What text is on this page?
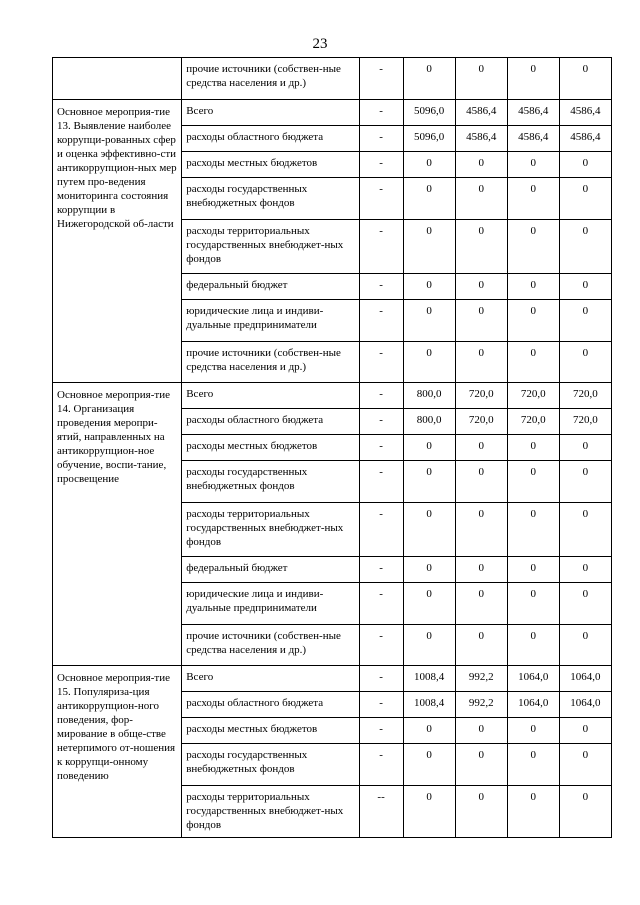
23
	прочие источники (собствен-ные средства населения и др.)	-	0	0	0	0
Основное мероприя-тие 13. Выявление наиболее коррупци-рованных сфер и оценка эффективно-сти антикоррупцион-ных мер путем про-ведения мониторинга состояния коррупции в Нижегородской об-ласти	Всего	-	5096,0	4586,4	4586,4	4586,4
	расходы областного бюджета	-	5096,0	4586,4	4586,4	4586,4
	расходы местных бюджетов	-	0	0	0	0
	расходы государственных внебюджетных фондов	-	0	0	0	0
	расходы территориальных государственных внебюджет-ных фондов	-	0	0	0	0
	федеральный бюджет	-	0	0	0	0
	юридические лица и индиви-дуальные предприниматели	-	0	0	0	0
	прочие источники (собствен-ные средства населения и др.)	-	0	0	0	0
Основное мероприя-тие 14. Организация проведения меропри-ятий, направленных на антикоррупцион-ное обучение, воспи-тание, просвещение	Всего	-	800,0	720,0	720,0	720,0
	расходы областного бюджета	-	800,0	720,0	720,0	720,0
	расходы местных бюджетов	-	0	0	0	0
	расходы государственных внебюджетных фондов	-	0	0	0	0
	расходы территориальных государственных внебюджет-ных фондов	-	0	0	0	0
	федеральный бюджет	-	0	0	0	0
	юридические лица и индиви-дуальные предприниматели	-	0	0	0	0
	прочие источники (собствен-ные средства населения и др.)	-	0	0	0	0
Основное мероприя-тие 15. Популяриза-ция антикоррупцион-ного поведения, фор-мирование в обще-стве нетерпимого от-ношения к коррупци-онному поведению	Всего	-	1008,4	992,2	1064,0	1064,0
	расходы областного бюджета	-	1008,4	992,2	1064,0	1064,0
	расходы местных бюджетов	-	0	0	0	0
	расходы государственных внебюджетных фондов	-	0	0	0	0
	расходы территориальных государственных внебюджет-ных фондов	--	0	0	0	0
